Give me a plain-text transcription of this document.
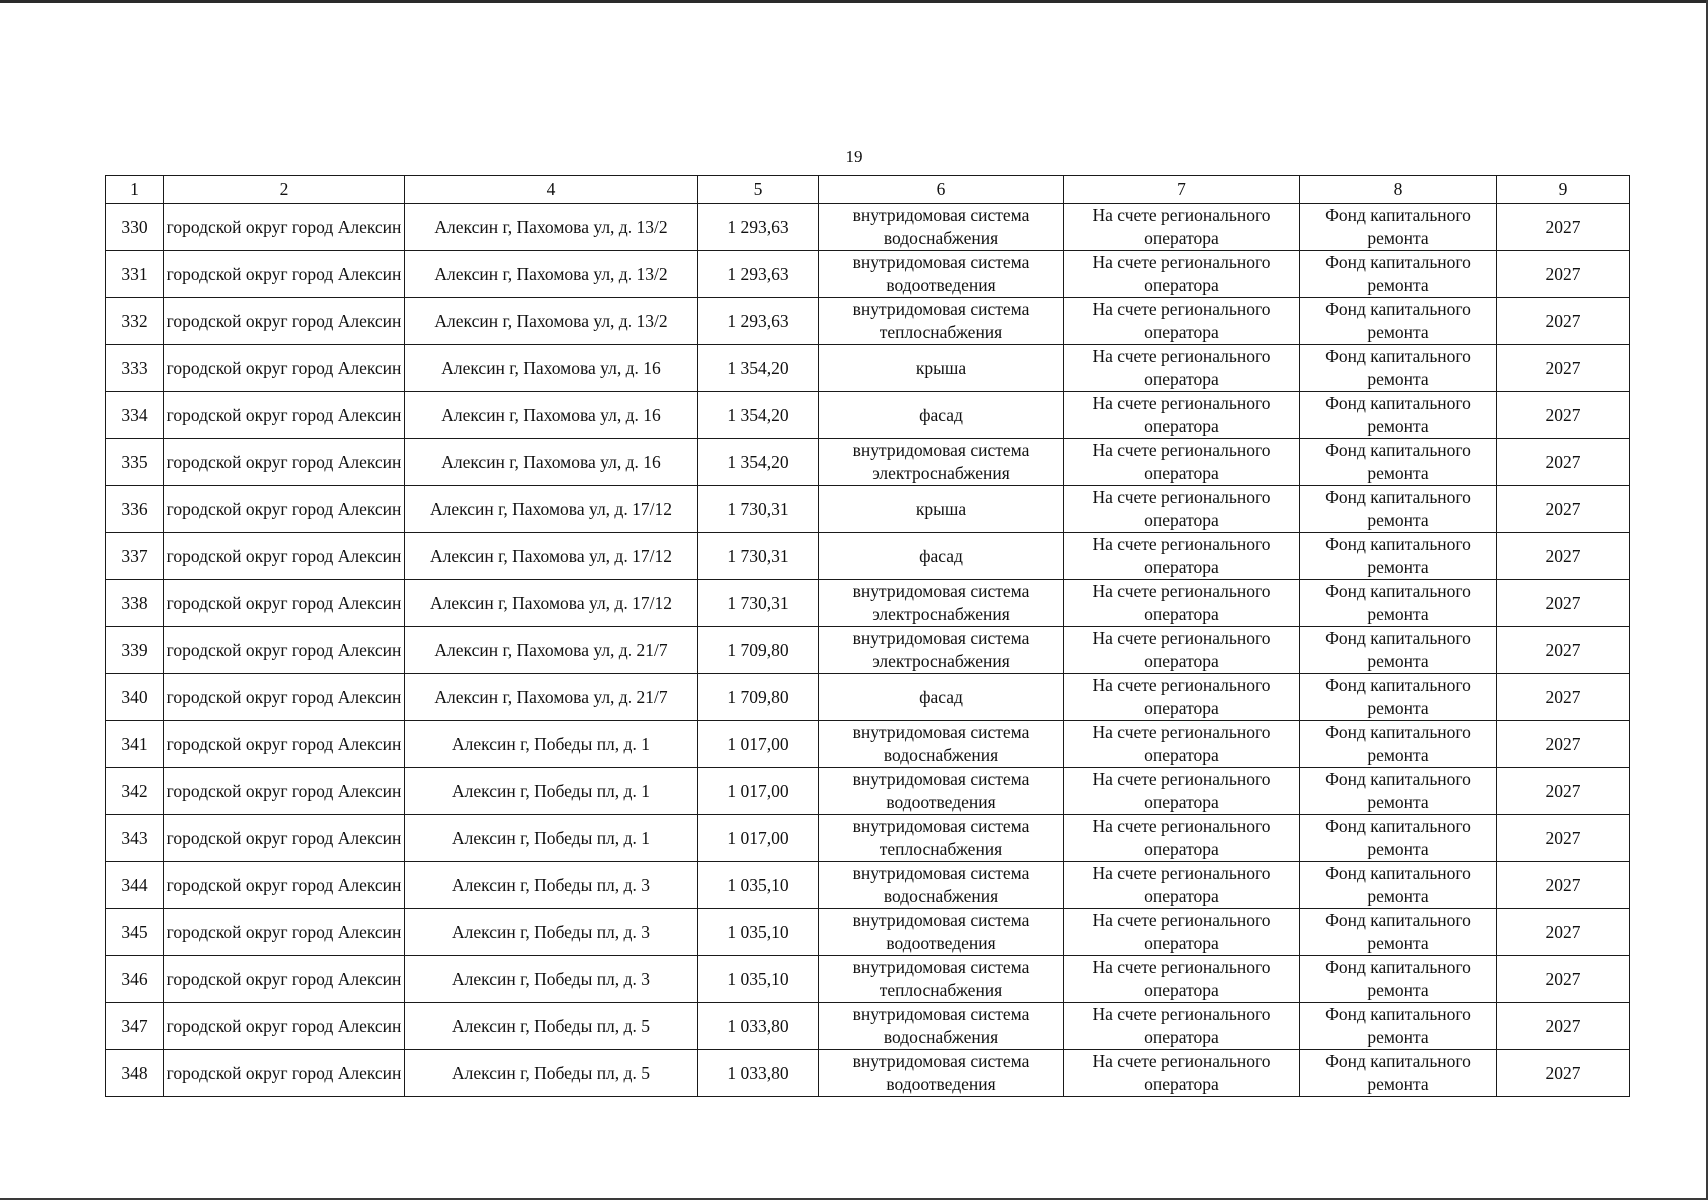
19
1	2	4	5	6	7	8	9
330	городской округ город Алексин	Алексин г, Пахомова ул, д. 13/2	1 293,63	внутридомовая система водоснабжения	На счете регионального оператора	Фонд капитального ремонта	2027
331	городской округ город Алексин	Алексин г, Пахомова ул, д. 13/2	1 293,63	внутридомовая система водоотведения	На счете регионального оператора	Фонд капитального ремонта	2027
332	городской округ город Алексин	Алексин г, Пахомова ул, д. 13/2	1 293,63	внутридомовая система теплоснабжения	На счете регионального оператора	Фонд капитального ремонта	2027
333	городской округ город Алексин	Алексин г, Пахомова ул, д. 16	1 354,20	крыша	На счете регионального оператора	Фонд капитального ремонта	2027
334	городской округ город Алексин	Алексин г, Пахомова ул, д. 16	1 354,20	фасад	На счете регионального оператора	Фонд капитального ремонта	2027
335	городской округ город Алексин	Алексин г, Пахомова ул, д. 16	1 354,20	внутридомовая система электроснабжения	На счете регионального оператора	Фонд капитального ремонта	2027
336	городской округ город Алексин	Алексин г, Пахомова ул, д. 17/12	1 730,31	крыша	На счете регионального оператора	Фонд капитального ремонта	2027
337	городской округ город Алексин	Алексин г, Пахомова ул, д. 17/12	1 730,31	фасад	На счете регионального оператора	Фонд капитального ремонта	2027
338	городской округ город Алексин	Алексин г, Пахомова ул, д. 17/12	1 730,31	внутридомовая система электроснабжения	На счете регионального оператора	Фонд капитального ремонта	2027
339	городской округ город Алексин	Алексин г, Пахомова ул, д. 21/7	1 709,80	внутридомовая система электроснабжения	На счете регионального оператора	Фонд капитального ремонта	2027
340	городской округ город Алексин	Алексин г, Пахомова ул, д. 21/7	1 709,80	фасад	На счете регионального оператора	Фонд капитального ремонта	2027
341	городской округ город Алексин	Алексин г, Победы пл, д. 1	1 017,00	внутридомовая система водоснабжения	На счете регионального оператора	Фонд капитального ремонта	2027
342	городской округ город Алексин	Алексин г, Победы пл, д. 1	1 017,00	внутридомовая система водоотведения	На счете регионального оператора	Фонд капитального ремонта	2027
343	городской округ город Алексин	Алексин г, Победы пл, д. 1	1 017,00	внутридомовая система теплоснабжения	На счете регионального оператора	Фонд капитального ремонта	2027
344	городской округ город Алексин	Алексин г, Победы пл, д. 3	1 035,10	внутридомовая система водоснабжения	На счете регионального оператора	Фонд капитального ремонта	2027
345	городской округ город Алексин	Алексин г, Победы пл, д. 3	1 035,10	внутридомовая система водоотведения	На счете регионального оператора	Фонд капитального ремонта	2027
346	городской округ город Алексин	Алексин г, Победы пл, д. 3	1 035,10	внутридомовая система теплоснабжения	На счете регионального оператора	Фонд капитального ремонта	2027
347	городской округ город Алексин	Алексин г, Победы пл, д. 5	1 033,80	внутридомовая система водоснабжения	На счете регионального оператора	Фонд капитального ремонта	2027
348	городской округ город Алексин	Алексин г, Победы пл, д. 5	1 033,80	внутридомовая система водоотведения	На счете регионального оператора	Фонд капитального ремонта	2027
